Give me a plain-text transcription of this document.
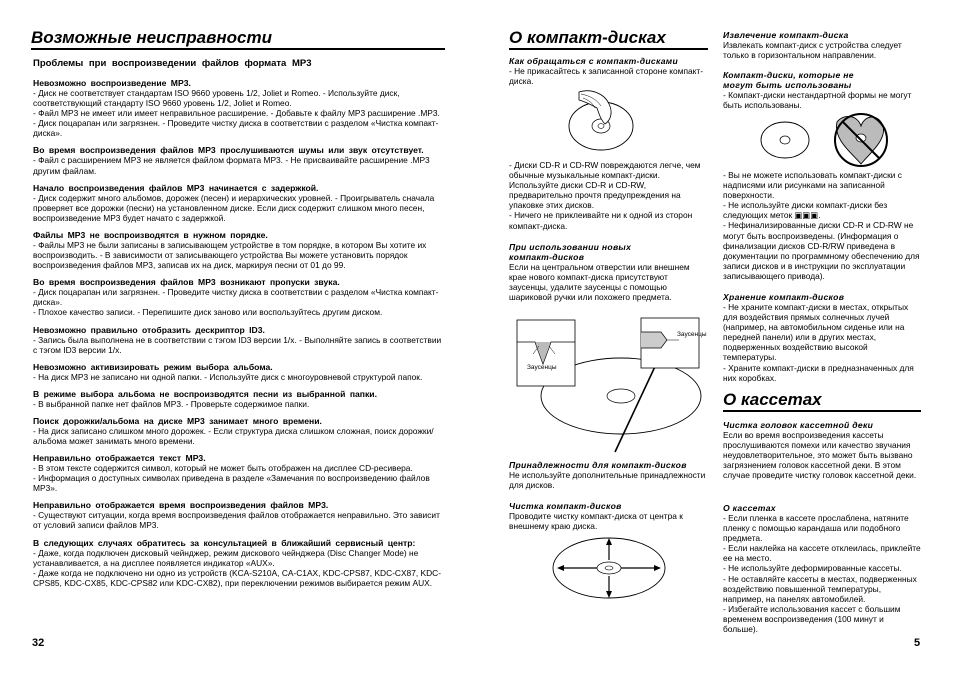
Возможные неисправности
Проблемы при воспроизведении файлов формата MP3
Невозможно воспроизведение MP3.
- Диск не соответствует стандартам ISO 9660 уровень 1/2, Joliet и Romeo. - Используйте диск, соответствующий стандарту ISO 9660 уровень 1/2, Joliet и Romeo.
- Файл MP3 не имеет или имеет неправильное расширение. - Добавьте к файлу MP3 расширение .MP3.
- Диск поцарапан или загрязнен. - Проведите чистку диска в соответствии с разделом «Чистка компакт-диска».
Во время воспроизведения файлов MP3 прослушиваются шумы или звук отсутствует.
- Файл с расширением MP3 не является файлом формата MP3. - Не присваивайте расширение .MP3 другим файлам.
Начало воспроизведения файлов MP3 начинается с задержкой.
- Диск содержит много альбомов, дорожек (песен) и иерархических уровней. - Проигрыватель сначала проверяет все дорожки (песни) на установленном диске. Если диск содержит слишком много песен, воспроизведение MP3 будет начато с задержкой.
Файлы MP3 не воспроизводятся в нужном порядке.
- Файлы MP3 не были записаны в записывающем устройстве в том порядке, в котором Вы хотите их воспроизводить. - В зависимости от записывающего устройства Вы можете установить порядок воспроизведения файлов MP3, записав их на диск, маркируя песни от 01 до 99.
Во время воспроизведения файлов MP3 возникают пропуски звука.
- Диск поцарапан или загрязнен. - Проведите чистку диска в соответствии с разделом «Чистка компакт-диска».
- Плохое качество записи. - Перепишите диск заново или воспользуйтесь другим диском.
Невозможно правильно отобразить дескриптор ID3.
- Запись была выполнена не в соответствии с тэгом ID3 версии 1/x. - Выполняйте запись в соответствии с тэгом ID3 версии 1/x.
Невозможно активизировать режим выбора альбома.
- На диск MP3 не записано ни одной папки. - Используйте диск с многоуровневой структурой папок.
В режиме выбора альбома не воспроизводятся песни из выбранной папки.
- В выбранной папке нет файлов MP3. - Проверьте содержимое папки.
Поиск дорожки/альбома на диске MP3 занимает много времени.
- На диск записано слишком много дорожек. - Если структура диска слишком сложная, поиск дорожки/альбома может занимать много времени.
Неправильно отображается текст MP3.
- В этом тексте содержится символ, который не может быть отображен на дисплее CD-ресивера.
- Информация о доступных символах приведена в разделе «Замечания по воспроизведению файлов MP3».
Неправильно отображается время воспроизведения файлов MP3.
- Существуют ситуации, когда время воспроизведения файлов отображается неправильно. Это зависит от условий записи файлов MP3.
В следующих случаях обратитесь за консультацией в ближайший сервисный центр:
- Даже, когда подключен дисковый чейнджер, режим дискового чейнджера (Disc Changer Mode) не устанавливается, а на дисплее появляется индикатор «AUX».
- Даже когда не подключено ни одно из устройств (KCA-S210A, CA-C1AX, KDC-CPS87, KDC-CX87, KDC-CPS85, KDC-CX85, KDC-CPS82 или KDC-CX82), при переключении режимов выбирается режим AUX.
32
О компакт-дисках
Как обращаться с компакт-дисками
- Не прикасайтесь к записанной стороне компакт-диска.
- Диски CD-R и CD-RW повреждаются легче, чем обычные музыкальные компакт-диски. Используйте диски CD-R и CD-RW, предварительно прочтя предупреждения на упаковке этих дисков.
- Ничего не приклеивайте ни к одной из сторон компакт-диска.
При использовании новых компакт-дисков
Если на центральном отверстии или внешнем крае нового компакт-диска присутствуют заусенцы, удалите заусенцы с помощью шариковой ручки или похожего предмета.
Заусенцы
Заусенцы
Принадлежности для компакт-дисков
Не используйте дополнительные принадлежности для дисков.
Чистка компакт-дисков
Проводите чистку компакт-диска от центра к внешнему краю диска.
Извлечение компакт-диска
Извлекать компакт-диск с устройства следует только в горизонтальном направлении.
Компакт-диски, которые не могут быть использованы
- Компакт-диски нестандартной формы не могут быть использованы.
- Вы не можете использовать компакт-диски с надписями или рисунками на записанной поверхности.
- Не используйте диски компакт-диски без следующих меток ▣▣▣.
- Нефинализированные диски CD-R и CD-RW не могут быть воспроизведены. (Информация о финализации дисков CD-R/RW приведена в документации по программному обеспечению для записи дисков и в инструкции по эксплуатации записывающего привода).
Хранение компакт-дисков
- Не храните компакт-диски в местах, открытых для воздействия прямых солнечных лучей (например, на автомобильном сиденье или на передней панели) или в других местах, подверженных воздействию высокой температуры.
- Храните компакт-диски в предназначенных для них коробках.
О кассетах
Чистка головок кассетной деки
Если во время воспроизведения кассеты прослушиваются помехи или качество звучания неудовлетворительное, это может быть вызвано загрязнением головок кассетной деки. В этом случае проведите чистку головок кассетной деки.
О кассетах
- Если пленка в кассете прослаблена, натяните пленку с помощью карандаша или подобного предмета.
- Если наклейка на кассете отклеилась, приклейте ее на место.
- Не используйте деформированные кассеты.
- Не оставляйте кассеты в местах, подверженных воздействию повышенной температуры, например, на панелях автомобилей.
- Избегайте использования кассет с большим временем воспроизведения (100 минут и больше).
5
